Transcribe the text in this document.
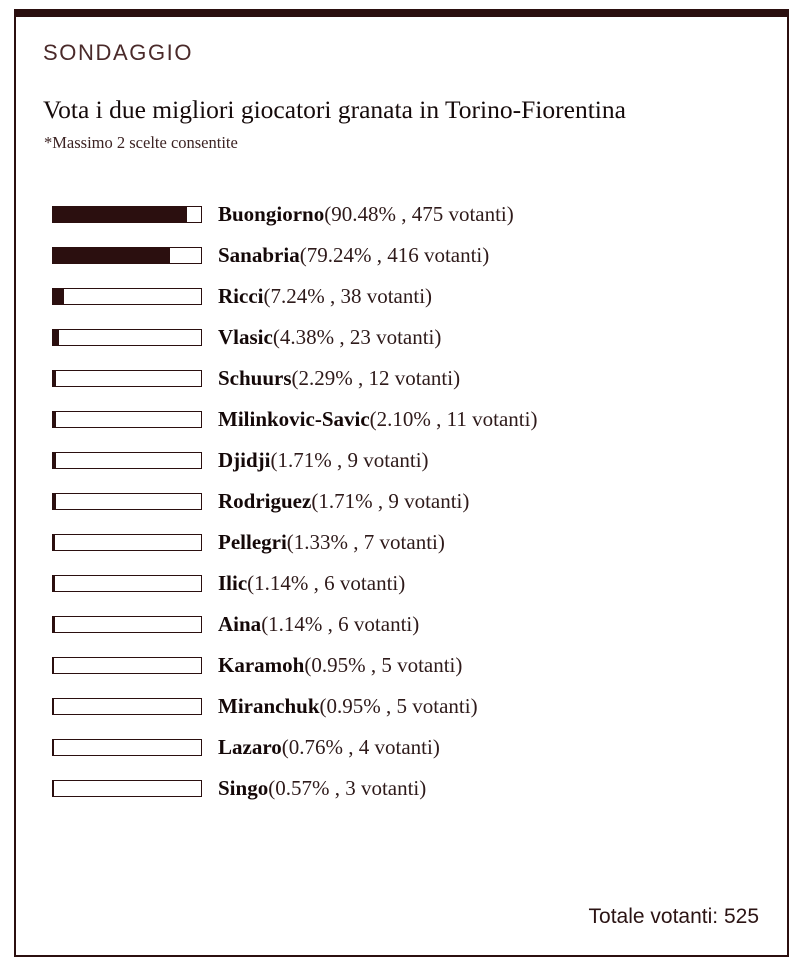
SONDAGGIO
Vota i due migliori giocatori granata in Torino-Fiorentina
*Massimo 2 scelte consentite
Buongiorno(90.48% , 475 votanti)
Sanabria(79.24% , 416 votanti)
Ricci(7.24% , 38 votanti)
Vlasic(4.38% , 23 votanti)
Schuurs(2.29% , 12 votanti)
Milinkovic-Savic(2.10% , 11 votanti)
Djidji(1.71% , 9 votanti)
Rodriguez(1.71% , 9 votanti)
Pellegri(1.33% , 7 votanti)
Ilic(1.14% , 6 votanti)
Aina(1.14% , 6 votanti)
Karamoh(0.95% , 5 votanti)
Miranchuk(0.95% , 5 votanti)
Lazaro(0.76% , 4 votanti)
Singo(0.57% , 3 votanti)
Totale votanti: 525
